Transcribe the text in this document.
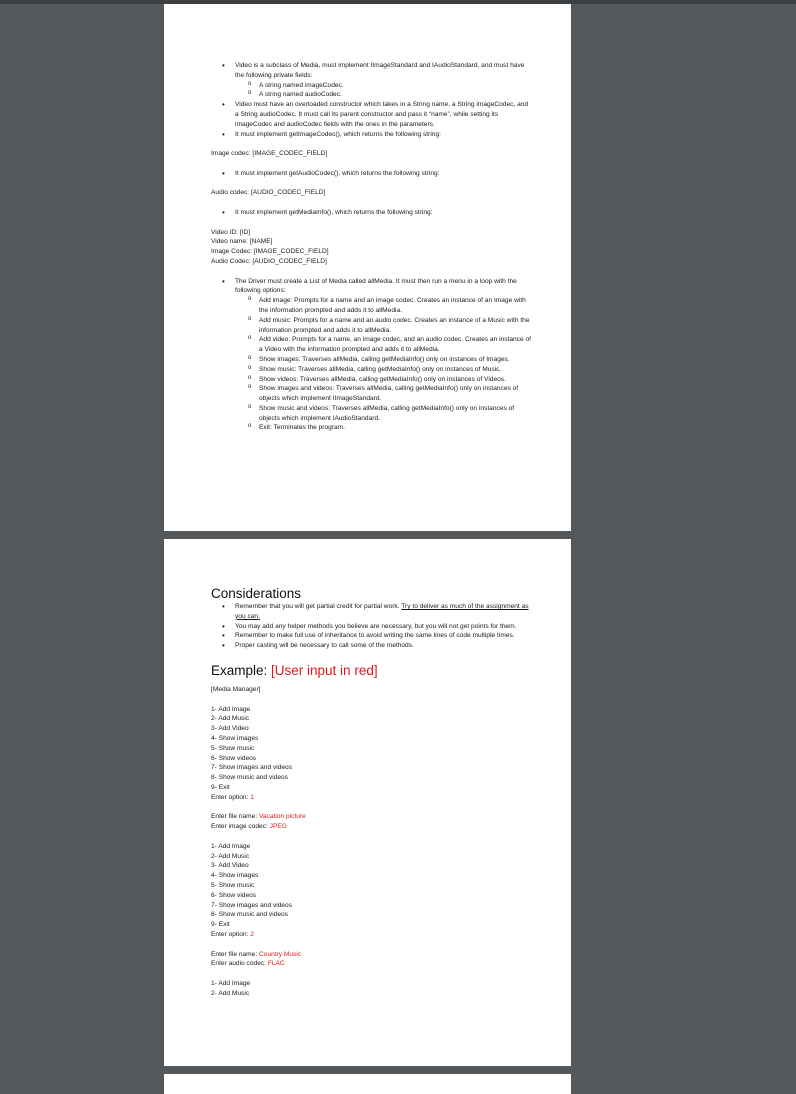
• Video is a subclass of Media, must implement IImageStandard and IAudioStandard, and must have the following private fields:
o A string named imageCodec.
o A string named audioCodec.
• Video must have an overloaded constructor which takes in a String name, a String imageCodec, and a String audioCodec. It must call its parent constructor and pass it “name”, while setting its imageCodec and audioCodec fields with the ones in the parameters.
• It must implement getImageCodec(), which returns the following string:
Image codec: [IMAGE_CODEC_FIELD]
• It must implement getAudioCodec(), which returns the following string:
Audio codec: [AUDIO_CODEC_FIELD]
• It must implement getMediaInfo(), which returns the following string:
Video ID: [ID]
Video name: [NAME]
Image Codec: [IMAGE_CODEC_FIELD]
Audio Codec: [AUDIO_CODEC_FIELD]
• The Driver must create a List of Media called allMedia. It must then run a menu in a loop with the following options:
o Add image: Prompts for a name and an image codec. Creates an instance of an Image with the information prompted and adds it to allMedia.
o Add music: Prompts for a name and an audio codec. Creates an instance of a Music with the information prompted and adds it to allMedia.
o Add video: Prompts for a name, an image codec, and an audio codec. Creates an instance of a Video with the information prompted and adds it to allMedia.
o Show images: Traverses allMedia, calling getMediaInfo() only on instances of Images.
o Show music: Traverses allMedia, calling getMediaInfo() only on instances of Music.
o Show videos: Traverses allMedia, calling getMediaInfo() only on instances of Videos.
o Show images and videos: Traverses allMedia, calling getMediaInfo() only on instances of objects which implement IImageStandard.
o Show music and videos: Traverses allMedia, calling getMediaInfo() only on instances of objects which implement IAudioStandard.
o Exit: Terminates the program.
Considerations
• Remember that you will get partial credit for partial work. Try to deliver as much of the assignment as you can.
• You may add any helper methods you believe are necessary, but you will not get points for them.
• Remember to make full use of inheritance to avoid writing the same lines of code multiple times.
• Proper casting will be necessary to call some of the methods.
Example: [User input in red]
[Media Manager]
1- Add Image
2- Add Music
3- Add Video
4- Show images
5- Show music
6- Show videos
7- Show images and videos
8- Show music and videos
9- Exit
Enter option: 1
Enter file name: Vacation picture
Enter image codec: JPEG
1- Add Image
2- Add Music
3- Add Video
4- Show images
5- Show music
6- Show videos
7- Show images and videos
8- Show music and videos
9- Exit
Enter option: 2
Enter file name: Country Music
Enter audio codec: FLAC
1- Add Image
2- Add Music
